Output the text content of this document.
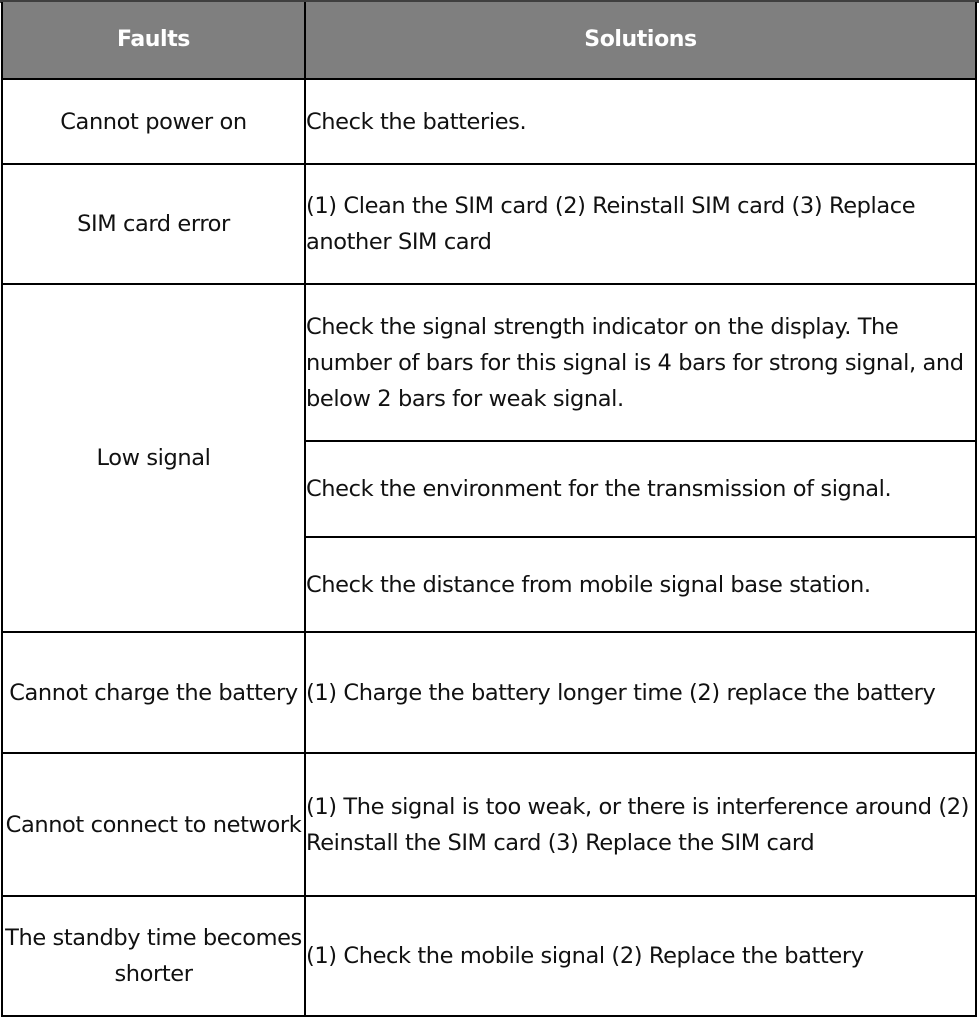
Faults	Solutions
Cannot power on	Check the batteries.
SIM card error	(1) Clean the SIM card (2) Reinstall SIM card (3) Replace another SIM card
Low signal	Check the signal strength indicator on the display. The number of bars for this signal is 4 bars for strong signal, and below 2 bars for weak signal.
	Check the environment for the transmission of signal.
	Check the distance from mobile signal base station.
Cannot charge the battery	(1) Charge the battery longer time (2) replace the battery
Cannot connect to network	(1) The signal is too weak, or there is interference around (2) Reinstall the SIM card (3) Replace the SIM card
The standby time becomes shorter	(1) Check the mobile signal (2) Replace the battery
